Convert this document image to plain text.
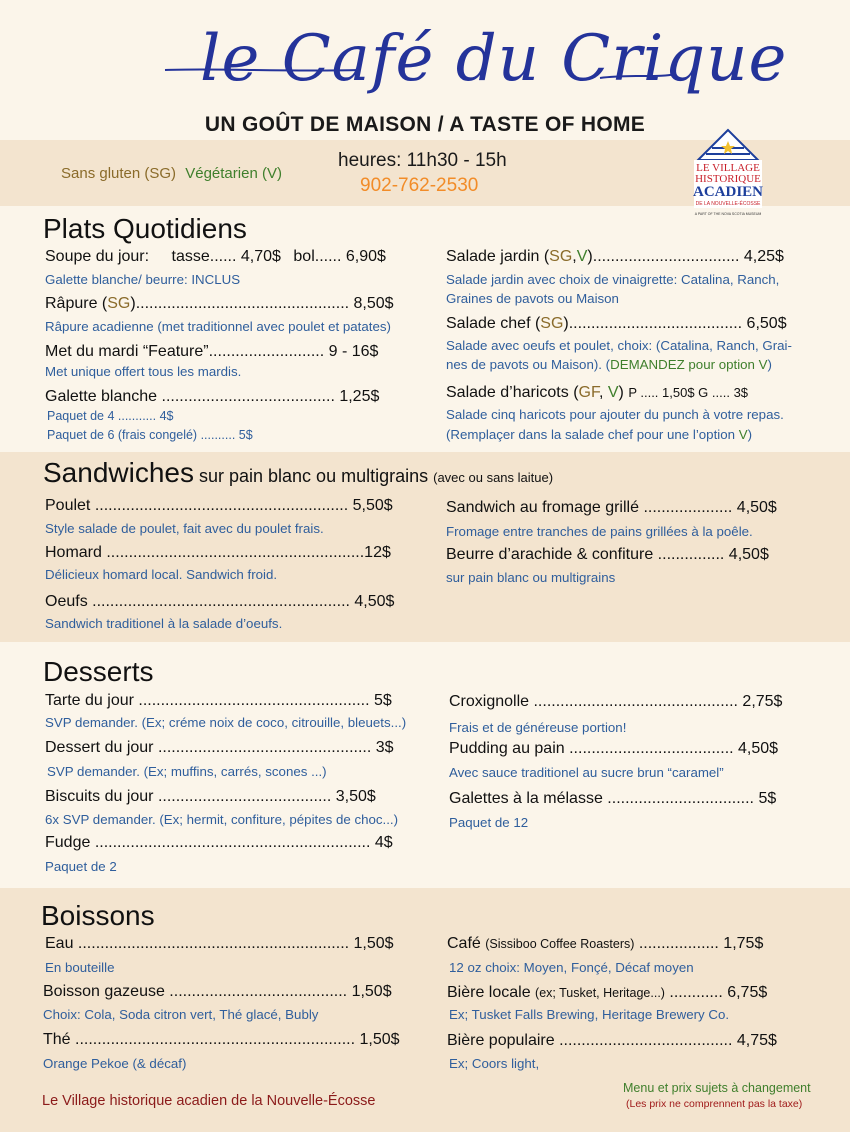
le Café du Crique
UN GOÛT DE MAISON / A TASTE OF HOME
Sans gluten (SG) Végétarien (V)
heures: 11h30 - 15h
902-762-2530
LE VILLAGE
HISTORIQUE
ACADIEN
DE LA NOUVELLE-ÉCOSSE
A PART OF THE NOVA SCOTIA MUSEUM
Plats Quotidiens
Soupe du jour: tasse...... 4,70$ bol...... 6,90$
Galette blanche/ beurre: INCLUS
Râpure (SG)................................................ 8,50$
Râpure acadienne (met traditionnel avec poulet et patates)
Met du mardi “Feature”.......................... 9 - 16$
Met unique offert tous les mardis.
Galette blanche ....................................... 1,25$
Paquet de 4 ........... 4$
Paquet de 6 (frais congelé) .......... 5$
Salade jardin (SG,V)................................. 4,25$
Salade jardin avec choix de vinaigrette: Catalina, Ranch,
Graines de pavots ou Maison
Salade chef (SG)....................................... 6,50$
Salade avec oeufs et poulet, choix: (Catalina, Ranch, Grai-
nes de pavots ou Maison). (DEMANDEZ pour option V)
Salade d’haricots (GF, V) P ..... 1,50$ G ..... 3$
Salade cinq haricots pour ajouter du punch à votre repas.
(Remplaçer dans la salade chef pour une l’option V)
Sandwiches sur pain blanc ou multigrains (avec ou sans laitue)
Poulet ......................................................... 5,50$
Style salade de poulet, fait avec du poulet frais.
Homard ..........................................................12$
Délicieux homard local. Sandwich froid.
Oeufs .......................................................... 4,50$
Sandwich traditionel à la salade d’oeufs.
Sandwich au fromage grillé .................... 4,50$
Fromage entre tranches de pains grillées à la poêle.
Beurre d’arachide & confiture ............... 4,50$
sur pain blanc ou multigrains
Desserts
Tarte du jour .................................................... 5$
SVP demander. (Ex; créme noix de coco, citrouille, bleuets...)
Dessert du jour ................................................ 3$
SVP demander. (Ex; muffins, carrés, scones ...)
Biscuits du jour ....................................... 3,50$
6x SVP demander. (Ex; hermit, confiture, pépites de choc...)
Fudge .............................................................. 4$
Paquet de 2
Croxignolle .............................................. 2,75$
Frais et de généreuse portion!
Pudding au pain ..................................... 4,50$
Avec sauce traditionel au sucre brun “caramel”
Galettes à la mélasse ................................. 5$
Paquet de 12
Boissons
Eau ............................................................. 1,50$
En bouteille
Boisson gazeuse ........................................ 1,50$
Choix: Cola, Soda citron vert, Thé glacé, Bubly
Thé ............................................................... 1,50$
Orange Pekoe (& décaf)
Café (Sissiboo Coffee Roasters) .................. 1,75$
12 oz choix: Moyen, Fonçé, Décaf moyen
Bière locale (ex; Tusket, Heritage...) ............ 6,75$
Ex; Tusket Falls Brewing, Heritage Brewery Co.
Bière populaire ....................................... 4,75$
Ex; Coors light,
Le Village historique acadien de la Nouvelle-Écosse
Menu et prix sujets à changement
(Les prix ne comprennent pas la taxe)
